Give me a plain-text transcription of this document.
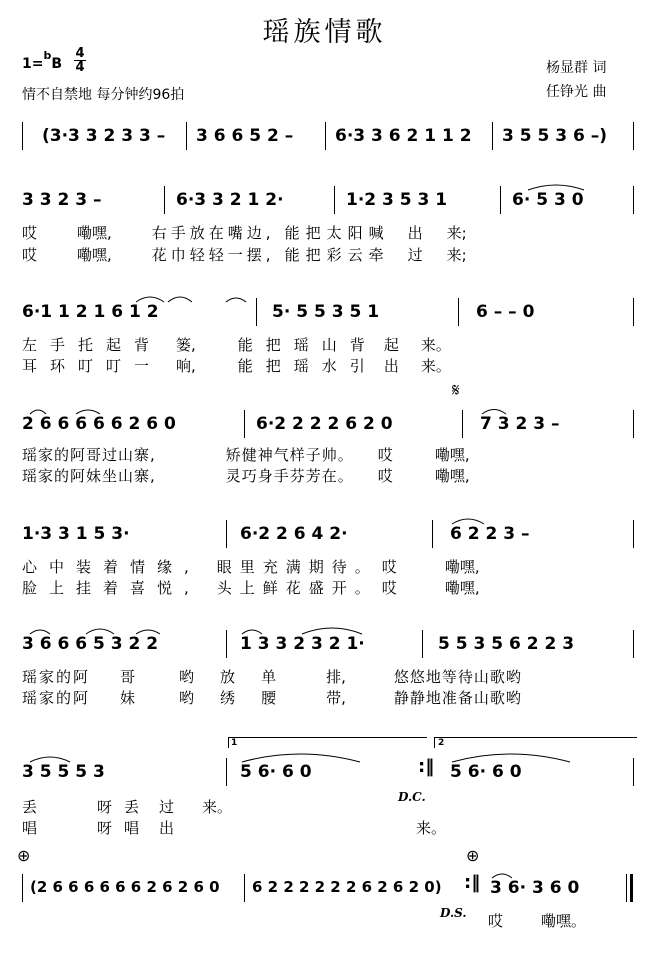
瑶族情歌
1=$^b$B
4
4
情不自禁地 每分钟约96拍
杨显群 词
任铮光 曲
(3·3 3 2 3 3 – 3 6 6 5 2 – 6·3 3 6 2 1 1 2 3 5 5 3 6 –)
3 3 2 3 –	6·3 3 2 1 2·	1·2 3 5 3 1	6· 5 3 0
哎	嘞嘿,	右手放在嘴边, 能把太阳喊 出 来;
哎	嘞嘿,	花巾轻轻一摆, 能把彩云牵 过 来;
6·1 1 2 1 6 1 2	5· 5 5 3 5 1	6 – – 0
左手托起背 篓,	能把瑶山背 起 来。
耳环叮叮一 响,	能把瑶水引 出 来。
𝄋
2 6 6 6 6 6 2 6 0	6·2 2 2 2 6 2 0	7 3 2 3 –
瑶家的阿哥过山寨,	矫健神气样子帅。 哎	嘞嘿,
瑶家的阿妹坐山寨,	灵巧身手芬芳在。 哎	嘞嘿,
1·3 3 1 5 3·	6·2 2 6 4 2·	6 2 2 3 –
心中装着情缘, 眼里充满期待。 哎	嘞嘿,
脸上挂着喜悦, 头上鲜花盛开。 哎	嘞嘿,
3 6 6 6 5 3 2 2	1 3 3 2 3 2 1·	5 5 3 5 6 2 2 3
瑶家的阿 哥	哟 放 单	排,	悠悠地等待山歌哟
瑶家的阿 妹	哟 绣 腰	带,	静静地准备山歌哟
3 5 5 5 3	5 6· 6 0	5 6· 6 0
1	2
:‖
D.C.
丢	呀丢 过 来。
唱	呀唱 出	来。
⊕	⊕
(2 6 6 6 6 6 6 2 6 2 6 0 6 2 2 2 2 2 2 6 2 6 2 0)	3 6· 3 6 0
:‖
D.S. 哎	嘞嘿。
